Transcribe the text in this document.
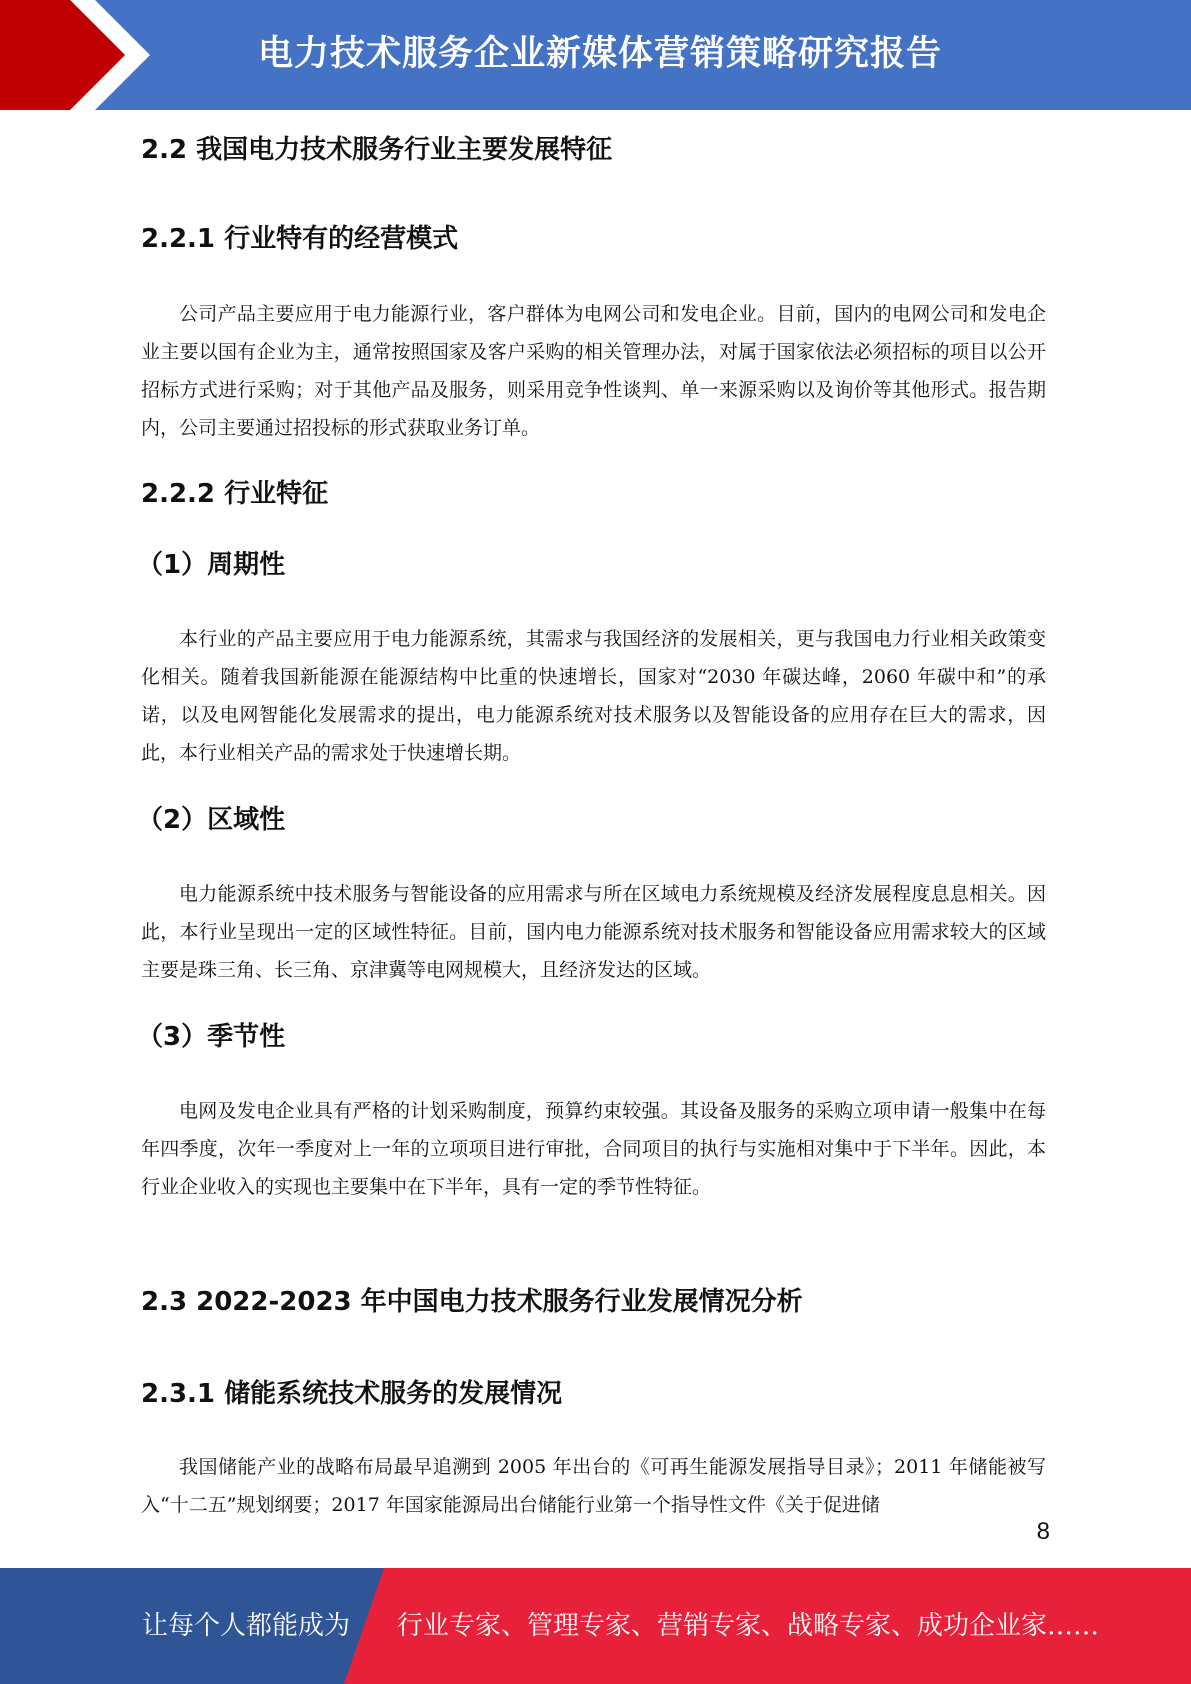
电力技术服务企业新媒体营销策略研究报告
2.2 我国电力技术服务行业主要发展特征
2.2.1 行业特有的经营模式

公司产品主要应用于电力能源行业，客户群体为电网公司和发电企业。目前，国内的电网公司和发电企业主要以国有企业为主，通常按照国家及客户采购的相关管理办法，对属于国家依法必须招标的项目以公开招标方式进行采购；对于其他产品及服务，则采用竞争性谈判、单一来源采购以及询价等其他形式。报告期内，公司主要通过招投标的形式获取业务订单。

2.2.2 行业特征
（1）周期性

本行业的产品主要应用于电力能源系统，其需求与我国经济的发展相关，更与我国电力行业相关政策变化相关。随着我国新能源在能源结构中比重的快速增长，国家对“2030 年碳达峰，2060 年碳中和”的承诺，以及电网智能化发展需求的提出，电力能源系统对技术服务以及智能设备的应用存在巨大的需求，因此，本行业相关产品的需求处于快速增长期。

（2）区域性

电力能源系统中技术服务与智能设备的应用需求与所在区域电力系统规模及经济发展程度息息相关。因此，本行业呈现出一定的区域性特征。目前，国内电力能源系统对技术服务和智能设备应用需求较大的区域主要是珠三角、长三角、京津冀等电网规模大，且经济发达的区域。

（3）季节性

电网及发电企业具有严格的计划采购制度，预算约束较强。其设备及服务的采购立项申请一般集中在每年四季度，次年一季度对上一年的立项项目进行审批，合同项目的执行与实施相对集中于下半年。因此，本行业企业收入的实现也主要集中在下半年，具有一定的季节性特征。

2.3 2022-2023 年中国电力技术服务行业发展情况分析
2.3.1 储能系统技术服务的发展情况

我国储能产业的战略布局最早追溯到 2005 年出台的《可再生能源发展指导目录》；2011 年储能被写入“十二五”规划纲要；2017 年国家能源局出台储能行业第一个指导性文件《关于促进储

8
让每个人都能成为 行业专家、管理专家、营销专家、战略专家、成功企业家……
